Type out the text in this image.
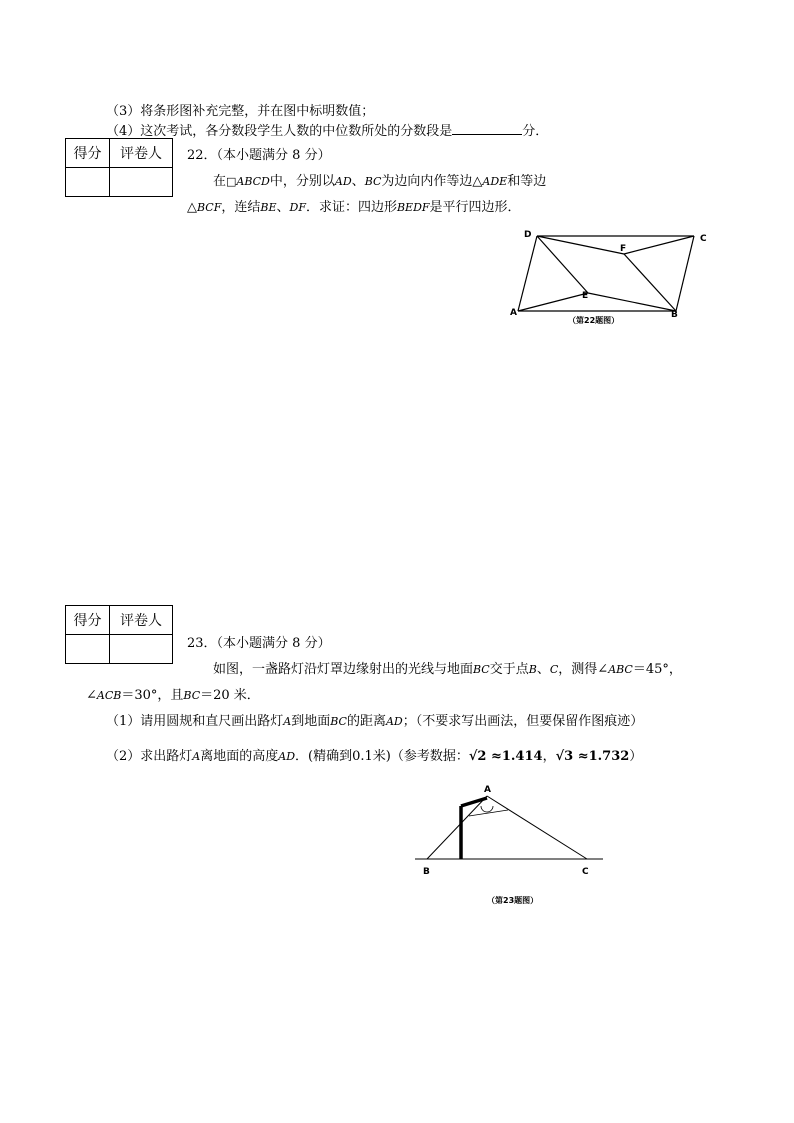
（3）将条形图补充完整，并在图中标明数值；
（4）这次考试，各分数段学生人数的中位数所处的分数段是	分．
得分	评卷人
	22．（本小题满分 8 分）
在□ABCD中，分别以AD、BC为边向内作等边△ADE和等边
△BCF，连结BE、DF．求证：四边形BEDF是平行四边形．
D	C
F
E
A	B
（第22题图）
得分	评卷人

23．（本小题满分 8 分）
如图，一盏路灯沿灯罩边缘射出的光线与地面BC交于点B、C，测得∠ABC＝45°，
∠ACB＝30°，且BC＝20 米．
（1）请用圆规和直尺画出路灯A到地面BC的距离AD；（不要求写出画法，但要保留作图痕迹）
（2）求出路灯A离地面的高度AD．(精确到0.1米)（参考数据：√2 ≈1.414，√3 ≈1.732）
A
B	C
（第23题图）
